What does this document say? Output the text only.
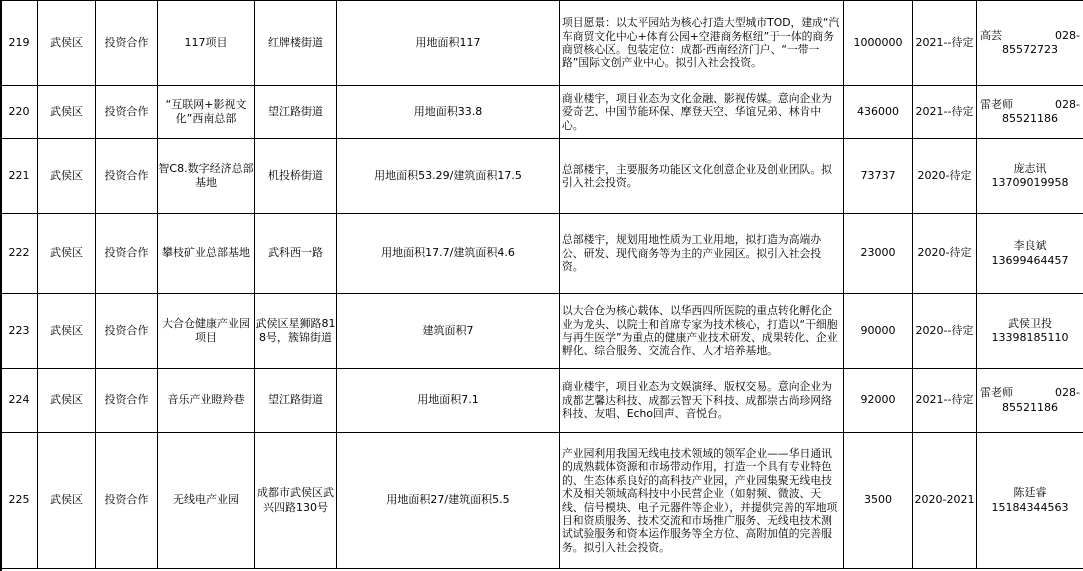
219	武侯区	投资合作	117项目	红牌楼街道	用地面积117	项目愿景：以太平园站为核心打造大型城市TOD，建成“汽车商贸文化中心+体育公园+空港商务枢纽”于一体的商务商贸核心区。包装定位：成都·西南经济门户、“一带一路”国际文创产业中心。拟引入社会投资。	1000000	2021--待定	高芸 028-
85572723

220	武侯区	投资合作	“互联网+影视文化”西南总部	望江路街道	用地面积33.8	商业楼宇，项目业态为文化金融、影视传媒。意向企业为爱奇艺、中国节能环保、摩登天空、华谊兄弟、林肯中心。	436000	2021--待定	雷老师 028-
85521186

221	武侯区	投资合作	智C8.数字经济总部基地	机投桥街道	用地面积53.29/建筑面积17.5	总部楼宇，主要服务功能区文化创意企业及创业团队。拟引入社会投资。	73737	2020-待定	庞志讯
13709019958
222	武侯区	投资合作	攀枝矿业总部基地	武科西一路	用地面积17.7/建筑面积4.6	总部楼宇，规划用地性质为工业用地，拟打造为高端办公、研发、现代商务等为主的产业园区。拟引入社会投资。	23000	2020-待定	李良斌
13699464457
223	武侯区	投资合作	大合仓健康产业园项目	武侯区星狮路818号，簇锦街道	建筑面积7	以大合仓为核心载体、以华西四所医院的重点转化孵化企业为龙头、以院士和首席专家为技术核心，打造以“干细胞与再生医学”为重点的健康产业技术研发、成果转化、企业孵化、综合服务、交流合作、人才培养基地。	90000	2020--待定	武侯卫投
13398185110
224	武侯区	投资合作	音乐产业瞪羚巷	望江路街道	用地面积7.1	商业楼宇，项目业态为文娱演绎、版权交易。意向企业为成都艺馨达科技、成都云智天下科技、成都崇古尚珍网络科技、友唱、Echo回声、音悦台。	92000	2021--待定	雷老师 028-
85521186

225	武侯区	投资合作	无线电产业园	成都市武侯区武兴四路130号	用地面积27/建筑面积5.5	产业园利用我国无线电技术领域的领军企业——华日通讯的成熟载体资源和市场带动作用，打造一个具有专业特色的、生态体系良好的高科技产业园，产业园集聚无线电技术及相关领域高科技中小民营企业（如射频、微波、天线、信号模块、电子元器件等企业），并提供完善的军地项目和资质服务、技术交流和市场推广服务、无线电技术测试试验服务和资本运作服务等全方位、高附加值的完善服务。拟引入社会投资。	3500	2020-2021	陈廷睿
15184344563
